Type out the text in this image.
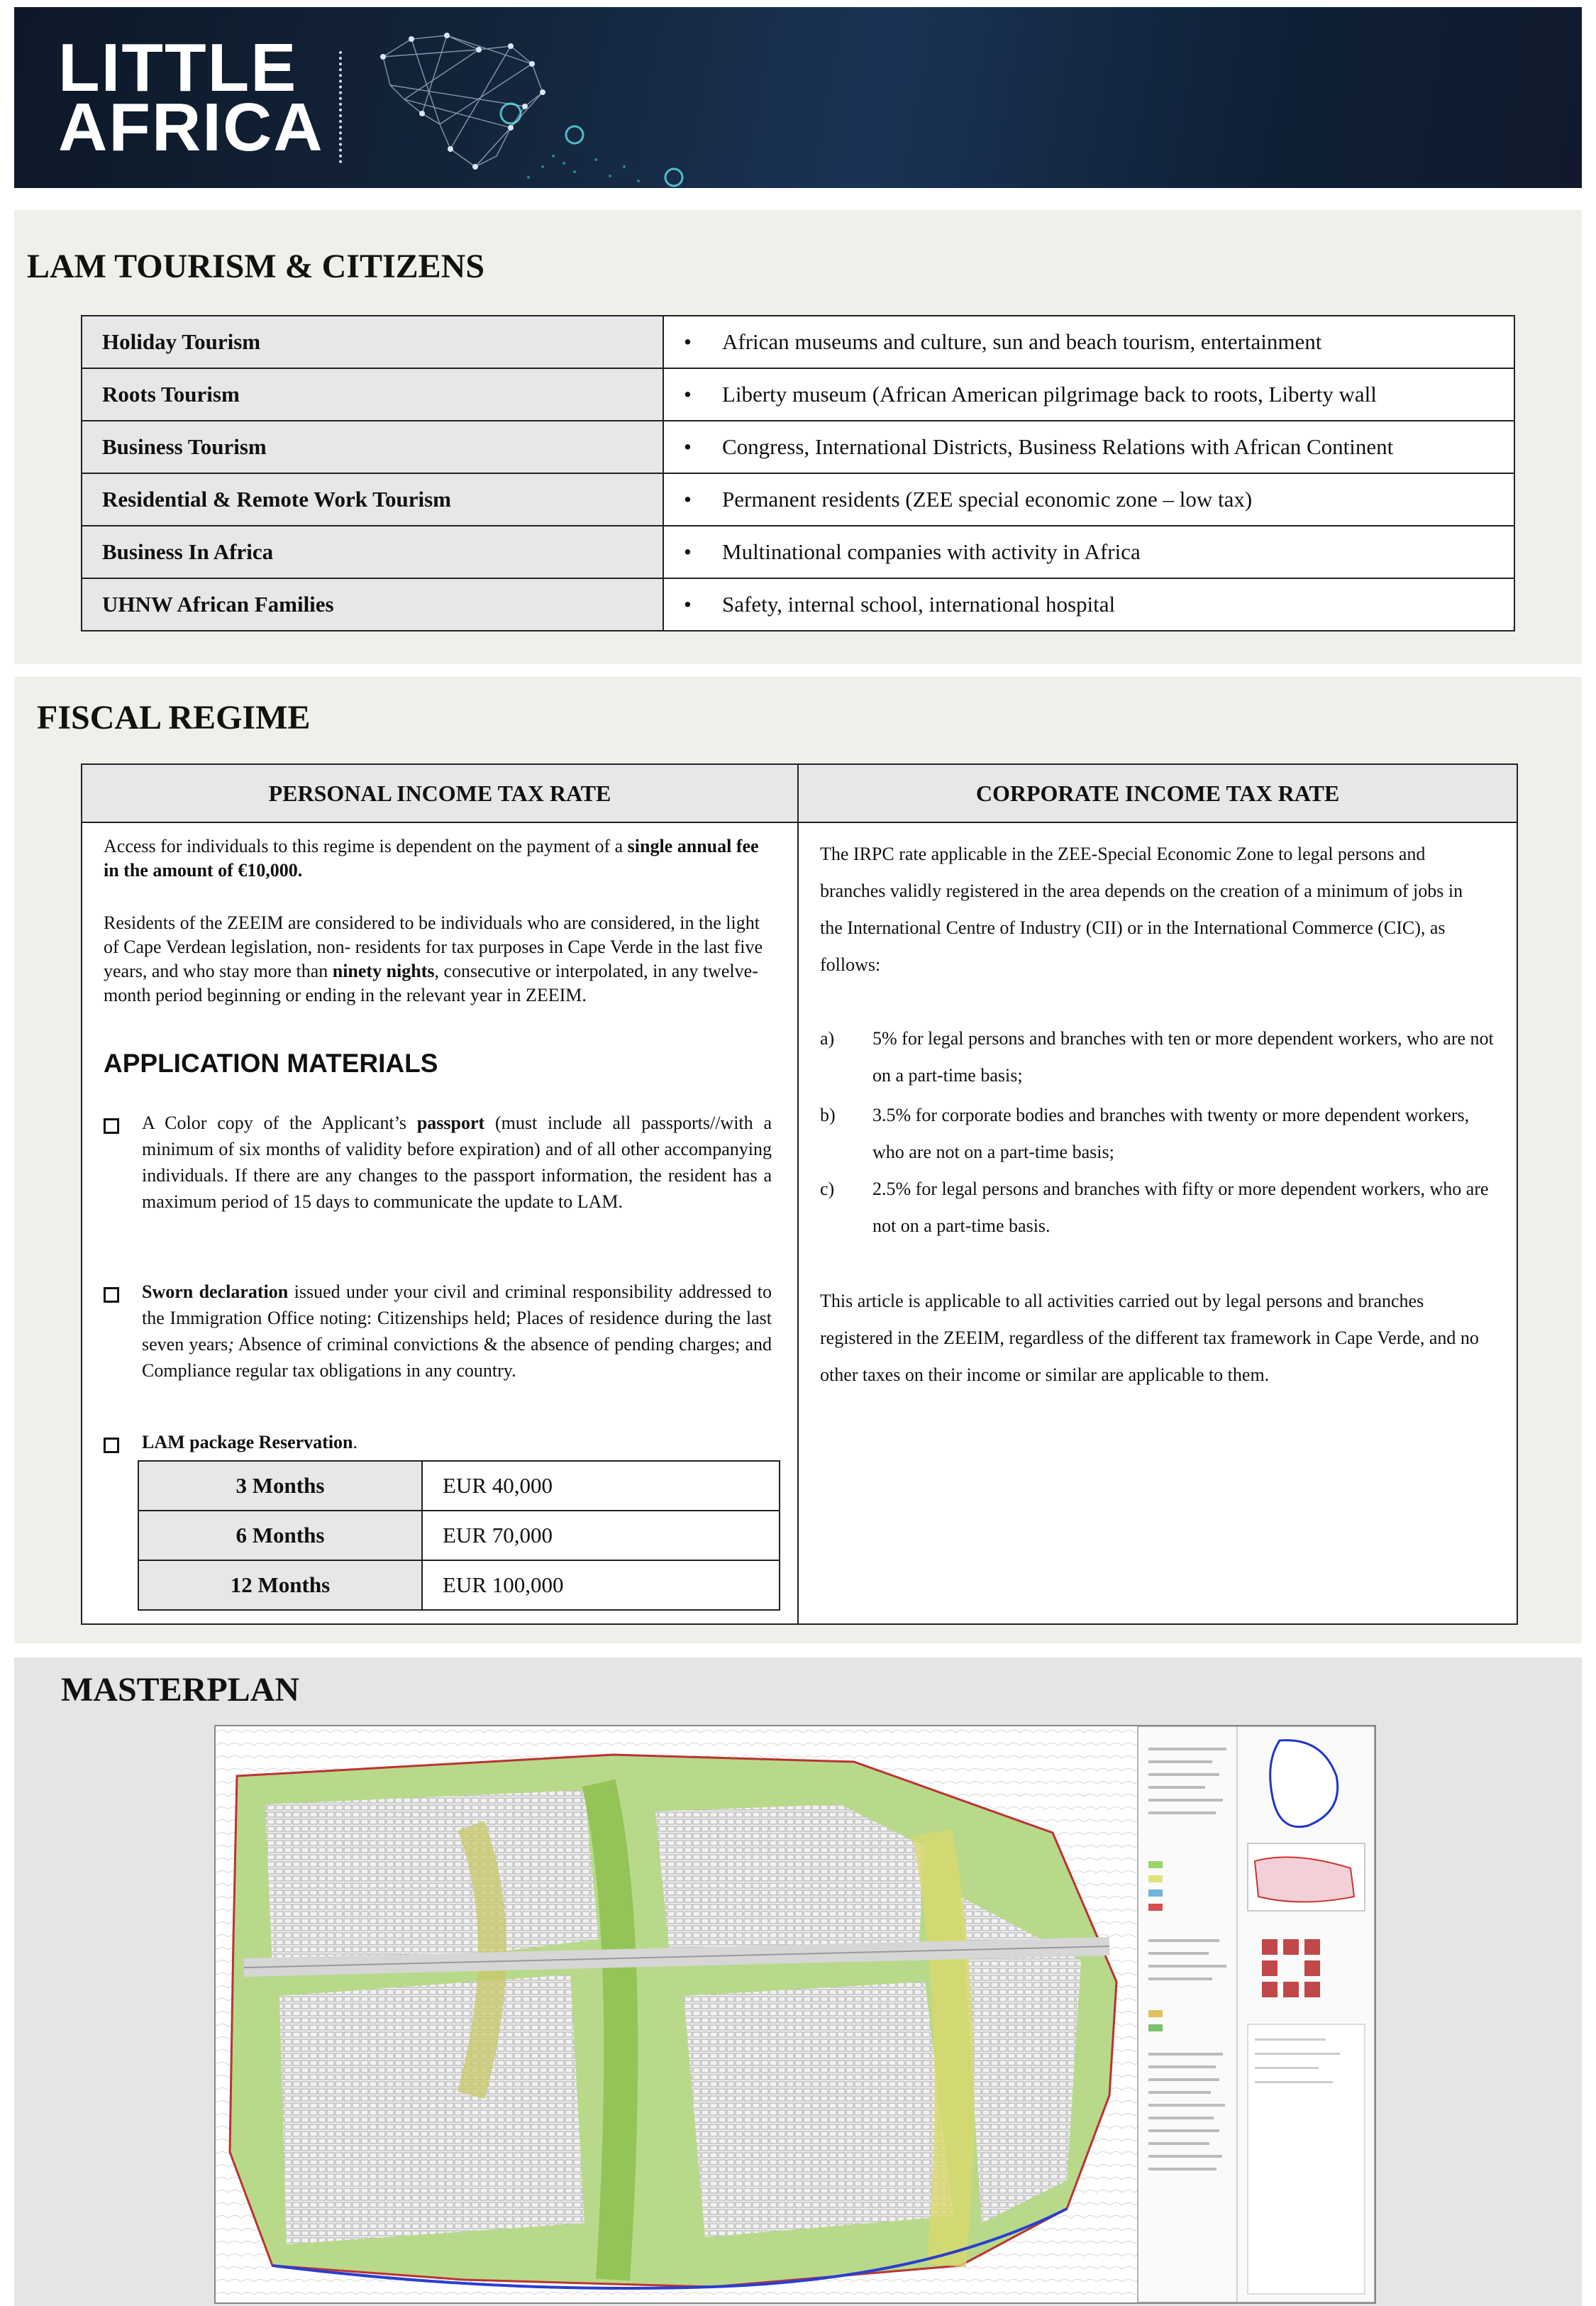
LITTLE
AFRICA
LAM TOURISM & CITIZENS
Holiday Tourism	• African museums and culture, sun and beach tourism, entertainment
Roots Tourism	• Liberty museum (African American pilgrimage back to roots, Liberty wall
Business Tourism	• Congress, International Districts, Business Relations with African Continent
Residential & Remote Work Tourism	• Permanent residents (ZEE special economic zone – low tax)
Business In Africa	• Multinational companies with activity in Africa
UHNW African Families	• Safety, internal school, international hospital
FISCAL REGIME
PERSONAL INCOME TAX RATE	CORPORATE INCOME TAX RATE

Access for individuals to this regime is dependent on the payment of a single annual fee in the amount of €10,000.

Residents of the ZEEIM are considered to be individuals who are considered, in the light of Cape Verdean legislation, non- residents for tax purposes in Cape Verde in the last five years, and who stay more than ninety nights, consecutive or interpolated, in any twelve-month period beginning or ending in the relevant year in ZEEIM.

APPLICATION MATERIALS

A Color copy of the Applicant’s passport (must include all passports//with a minimum of six months of validity before expiration) and of all other accompanying individuals. If there are any changes to the passport information, the resident has a maximum period of 15 days to communicate the update to LAM.

Sworn declaration issued under your civil and criminal responsibility addressed to the Immigration Office noting: Citizenships held; Places of residence during the last seven years; Absence of criminal convictions & the absence of pending charges; and Compliance regular tax obligations in any country.

LAM package Reservation.

3 Months	EUR 40,000
6 Months	EUR 70,000
12 Months	EUR 100,000

The IRPC rate applicable in the ZEE-Special Economic Zone to legal persons and branches validly registered in the area depends on the creation of a minimum of jobs in the International Centre of Industry (CII) or in the International Commerce (CIC), as follows:

a) 5% for legal persons and branches with ten or more dependent workers, who are not on a part-time basis;
b) 3.5% for corporate bodies and branches with twenty or more dependent workers, who are not on a part-time basis;
c) 2.5% for legal persons and branches with fifty or more dependent workers, who are not on a part-time basis.

This article is applicable to all activities carried out by legal persons and branches registered in the ZEEIM, regardless of the different tax framework in Cape Verde, and no other taxes on their income or similar are applicable to them.

MASTERPLAN
